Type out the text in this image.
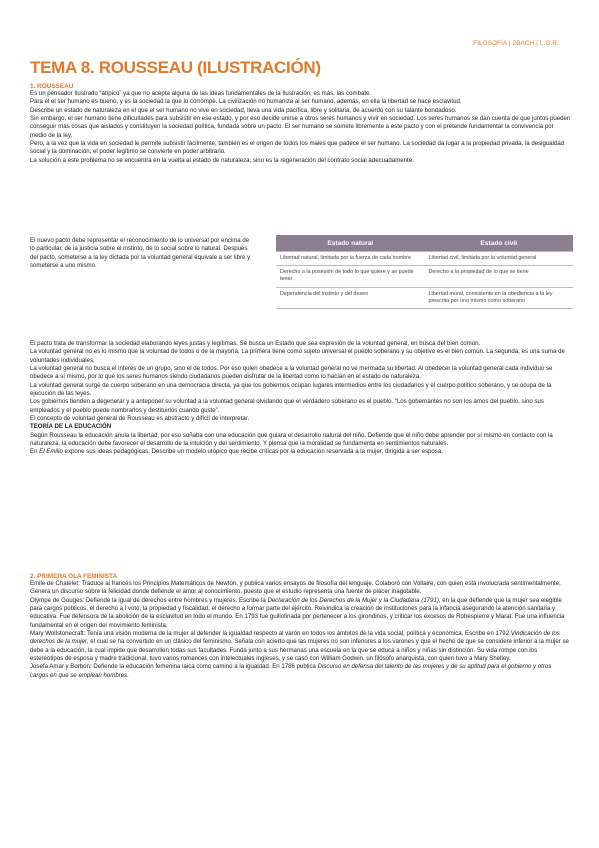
FILOSOFÍA | 2BACH | L.G.R.
TEMA 8. ROUSSEAU (ILUSTRACIÓN)
1. ROUSSEAU

Es un pensador Ilustrado “atípico” ya que no acepta alguna de las ideas fundamentales de la Ilustración, es más, las combate.

Para él el ser humano es bueno, y es la sociedad la que lo corrompe. La civilización no humaniza al ser humano, además, en ella la libertad se hace esclavitud.

Describe un estado de naturaleza en el que el ser humano no vive en sociedad, lleva una vida pacífica, libre y solitaria, de acuerdo con su talante bondadoso.

Sin embargo, el ser humano tiene dificultades para subsistir en ese estado, y por eso decide unirse a otros seres humanos y vivir en sociedad. Los seres humanos se dan cuenta de que juntos pueden conseguir más cosas que aislados y constituyen la sociedad política, fundada sobre un pacto. El ser humano se somete libremente a este pacto y con el pretende fundamentar la convivencia por medio de la ley.

Pero, a la vez que la vida en sociedad le permite subsistir fácilmente, también es el origen de todos los males que padece el ser humano. La sociedad da lugar a la propiedad privada, la desigualdad social y la dominación, el poder legítimo se convierte en poder arbitrario.

La solución a este problema no se encuentra en la vuelta al estado de naturaleza, sino es la regeneración del contrato social adecuadamente.

El nuevo pacto debe representar el reconocimiento de lo universal por encima de lo particular, de la justicia sobre el instinto, de lo social sobre lo natural. Después del pacto, someterse a la ley dictada por la voluntad general equivale a ser libre y someterse a uno mismo.
Estado natural	Estado civil
Libertad natural, limitada por la fuerza de cada hombre	Libertad civil, limitada por la voluntad general
Derecho a la posesión de todo lo que quiere y se puede tener	Derecho a la propiedad de lo que se tiene
Dependencia del instinto y del deseo	Libertad moral, consistente en la obediencia a la ley prescrita por uno mismo como soberano

El pacto trata de transformar la sociedad elaborando leyes justas y legítimas. Se busca un Estado que sea expresión de la voluntad general, en busca del bien común.

La voluntad general no es lo mismo que la voluntad de todos o de la mayoría. La primera tiene como sujeto universal el pueblo soberano y su objetivo es el bien común. La segunda, es una suma de voluntades individuales.

La voluntad general no busca el interés de un grupo, sino el de todos. Por eso quien obedece a la voluntad general no ve mermada su libertad. Al obedecer la voluntad general cada individuo se obedece a sí mismo, por lo que los seres humanos siendo ciudadanos pueden disfrutar de la libertad como lo hacían en el estado de naturaleza.

La voluntad general surge de cuerpo soberano en una democracia directa, ya que los gobiernos ocupan lugares intermedios entre los ciudadanos y el cuerpo político soberano, y se ocupa de la ejecución de las leyes.

Los gobiernos tienden a degenerar y a anteponer su voluntad a la voluntad general olvidando que el verdadero soberano es el pueblo. “Los gobernantes no son los amos del pueblo, sino sus empleados y el pueblo puede nombrarlos y destituirlos cuando guste”.

El concepto de voluntad general de Rousseau es abstracto y difícil de interpretar.

TEORÍA DE LA EDUCACIÓN

Según Rousseau la educación anula la libertad, por eso soñaba con una educación que guiara el desarrollo natural del niño. Defiende que el niño debe aprender por sí mismo en contacto con la naturaleza, la educación debe favorecer el desarrollo de la intuición y del sentimiento. Y piensa que la moralidad se fundamenta en sentimientos naturales.

En El Emilio expone sus ideas pedagógicas. Describe un modelo utópico que recibe críticas por la educación reservada a la mujer, dirigida a ser esposa.

2. PRIMERA OLA FEMINISTA

Emile de Chatelet: Traduce al francés los Principios Matemáticos de Newton, y publica varios ensayos de filosofía del lenguaje. Colaboró con Voltaire, con quien está involucrada sentimentalmente. Genera un discurso sobre la felicidad donde defiende el amor al conocimiento, puesto que el estudio representa una fuente de placer inagotable.

Olympe de Gouges: Defiende la igual de derechos entre hombres y mujeres. Escribe la Declaración de los Derechos de la Mujer y la Ciudadana (1791), en la que defiende que la mujer sea elegible para cargos públicos, el derecho a l voto, la propiedad y fiscalidad, el derecho a formar parte del ejército. Reivindica la creación de instituciones para la infancia asegurando la atención sanitaria y educativa. Fue defensora de la abolición de la esclavitud en todo el mundo. En 1793 fue guillotinada por pertenecer a los girondinos, y criticar los excesos de Robespierre y Marat. Fue una influencia fundamental en el origen del movimiento feminista.

Mary Wollstonecraft: Tenía una visión moderna de la mujer al defender la igualdad respecto al varón en todos los ámbitos de la vida social, política y económica. Escribe en 1792 Vindicación de los derechos de la mujer, el cual se ha convertido en un clásico del feminismo. Señala con acierto que las mujeres no son inferiores a los varones y que el hecho de que se considere inferior a la mujer se debe a la educación, la cual impide que desarrollen todas sus facultades. Funda junto a sus hermanas una escuela en la que se educa a niños y niñas sin distinción. Su vida rompe con los estereotipos de esposa y madre tradicional, tuvo varios romances con intelectuales ingleses, y se casó con William Godwin, un filósofo anarquista, con quien tuvo a Mary Shelley.

Josefa Amar y Borbón: Defiende la educación femenina laica como camino a la igualdad. En 1786 publica Discurso en defensa del talento de las mujeres y de su aptitud para el gobierno y otros cargos en que se emplean hombres.
